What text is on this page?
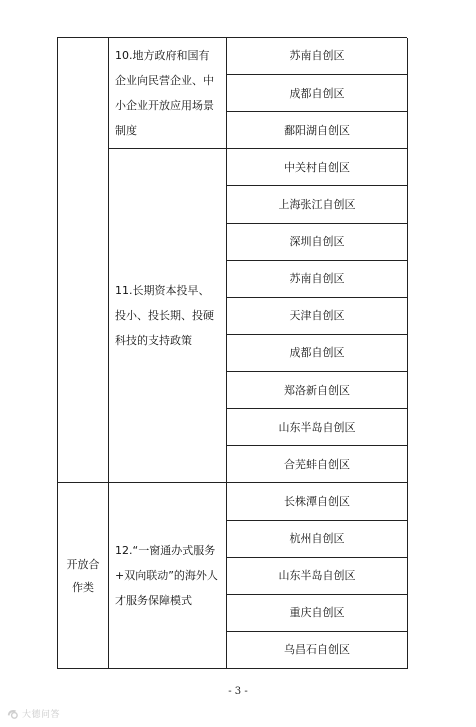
开放合作类
10.地方政府和国有企业向民营企业、中小企业开放应用场景制度
11.长期资本投早、投小、投长期、投硬科技的支持政策
12.“一窗通办式服务+双向联动”的海外人才服务保障模式
苏南自创区
成都自创区
鄱阳湖自创区
中关村自创区
上海张江自创区
深圳自创区
苏南自创区
天津自创区
成都自创区
郑洛新自创区
山东半岛自创区
合芜蚌自创区
长株潭自创区
杭州自创区
山东半岛自创区
重庆自创区
乌昌石自创区
- 3 -
大德问答
